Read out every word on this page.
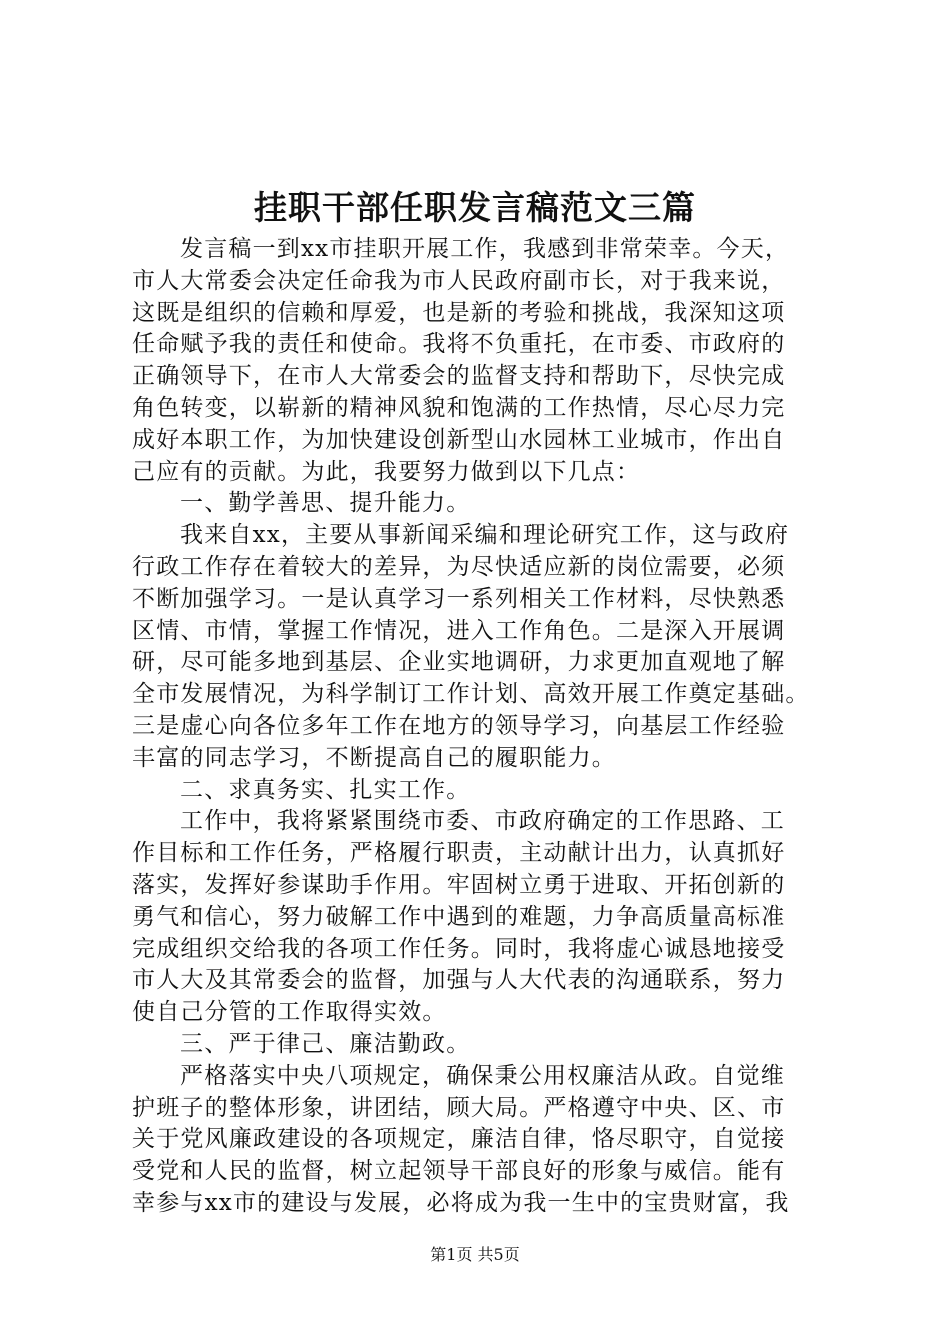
挂职干部任职发言稿范文三篇
发言稿一到xx市挂职开展工作，我感到非常荣幸。今天，
市人大常委会决定任命我为市人民政府副市长，对于我来说，
这既是组织的信赖和厚爱，也是新的考验和挑战，我深知这项
任命赋予我的责任和使命。我将不负重托，在市委、市政府的
正确领导下，在市人大常委会的监督支持和帮助下，尽快完成
角色转变，以崭新的精神风貌和饱满的工作热情，尽心尽力完
成好本职工作，为加快建设创新型山水园林工业城市，作出自
己应有的贡献。为此，我要努力做到以下几点：
一、勤学善思、提升能力。
我来自xx，主要从事新闻采编和理论研究工作，这与政府
行政工作存在着较大的差异，为尽快适应新的岗位需要，必须
不断加强学习。一是认真学习一系列相关工作材料，尽快熟悉
区情、市情，掌握工作情况，进入工作角色。二是深入开展调
研，尽可能多地到基层、企业实地调研，力求更加直观地了解
全市发展情况，为科学制订工作计划、高效开展工作奠定基础。
三是虚心向各位多年工作在地方的领导学习，向基层工作经验
丰富的同志学习，不断提高自己的履职能力。
二、求真务实、扎实工作。
工作中，我将紧紧围绕市委、市政府确定的工作思路、工
作目标和工作任务，严格履行职责，主动献计出力，认真抓好
落实，发挥好参谋助手作用。牢固树立勇于进取、开拓创新的
勇气和信心，努力破解工作中遇到的难题，力争高质量高标准
完成组织交给我的各项工作任务。同时，我将虚心诚恳地接受
市人大及其常委会的监督，加强与人大代表的沟通联系，努力
使自己分管的工作取得实效。
三、严于律己、廉洁勤政。
严格落实中央八项规定，确保秉公用权廉洁从政。自觉维
护班子的整体形象，讲团结，顾大局。严格遵守中央、区、市
关于党风廉政建设的各项规定，廉洁自律，恪尽职守，自觉接
受党和人民的监督，树立起领导干部良好的形象与威信。能有
幸参与xx市的建设与发展，必将成为我一生中的宝贵财富，我
第1页 共5页
